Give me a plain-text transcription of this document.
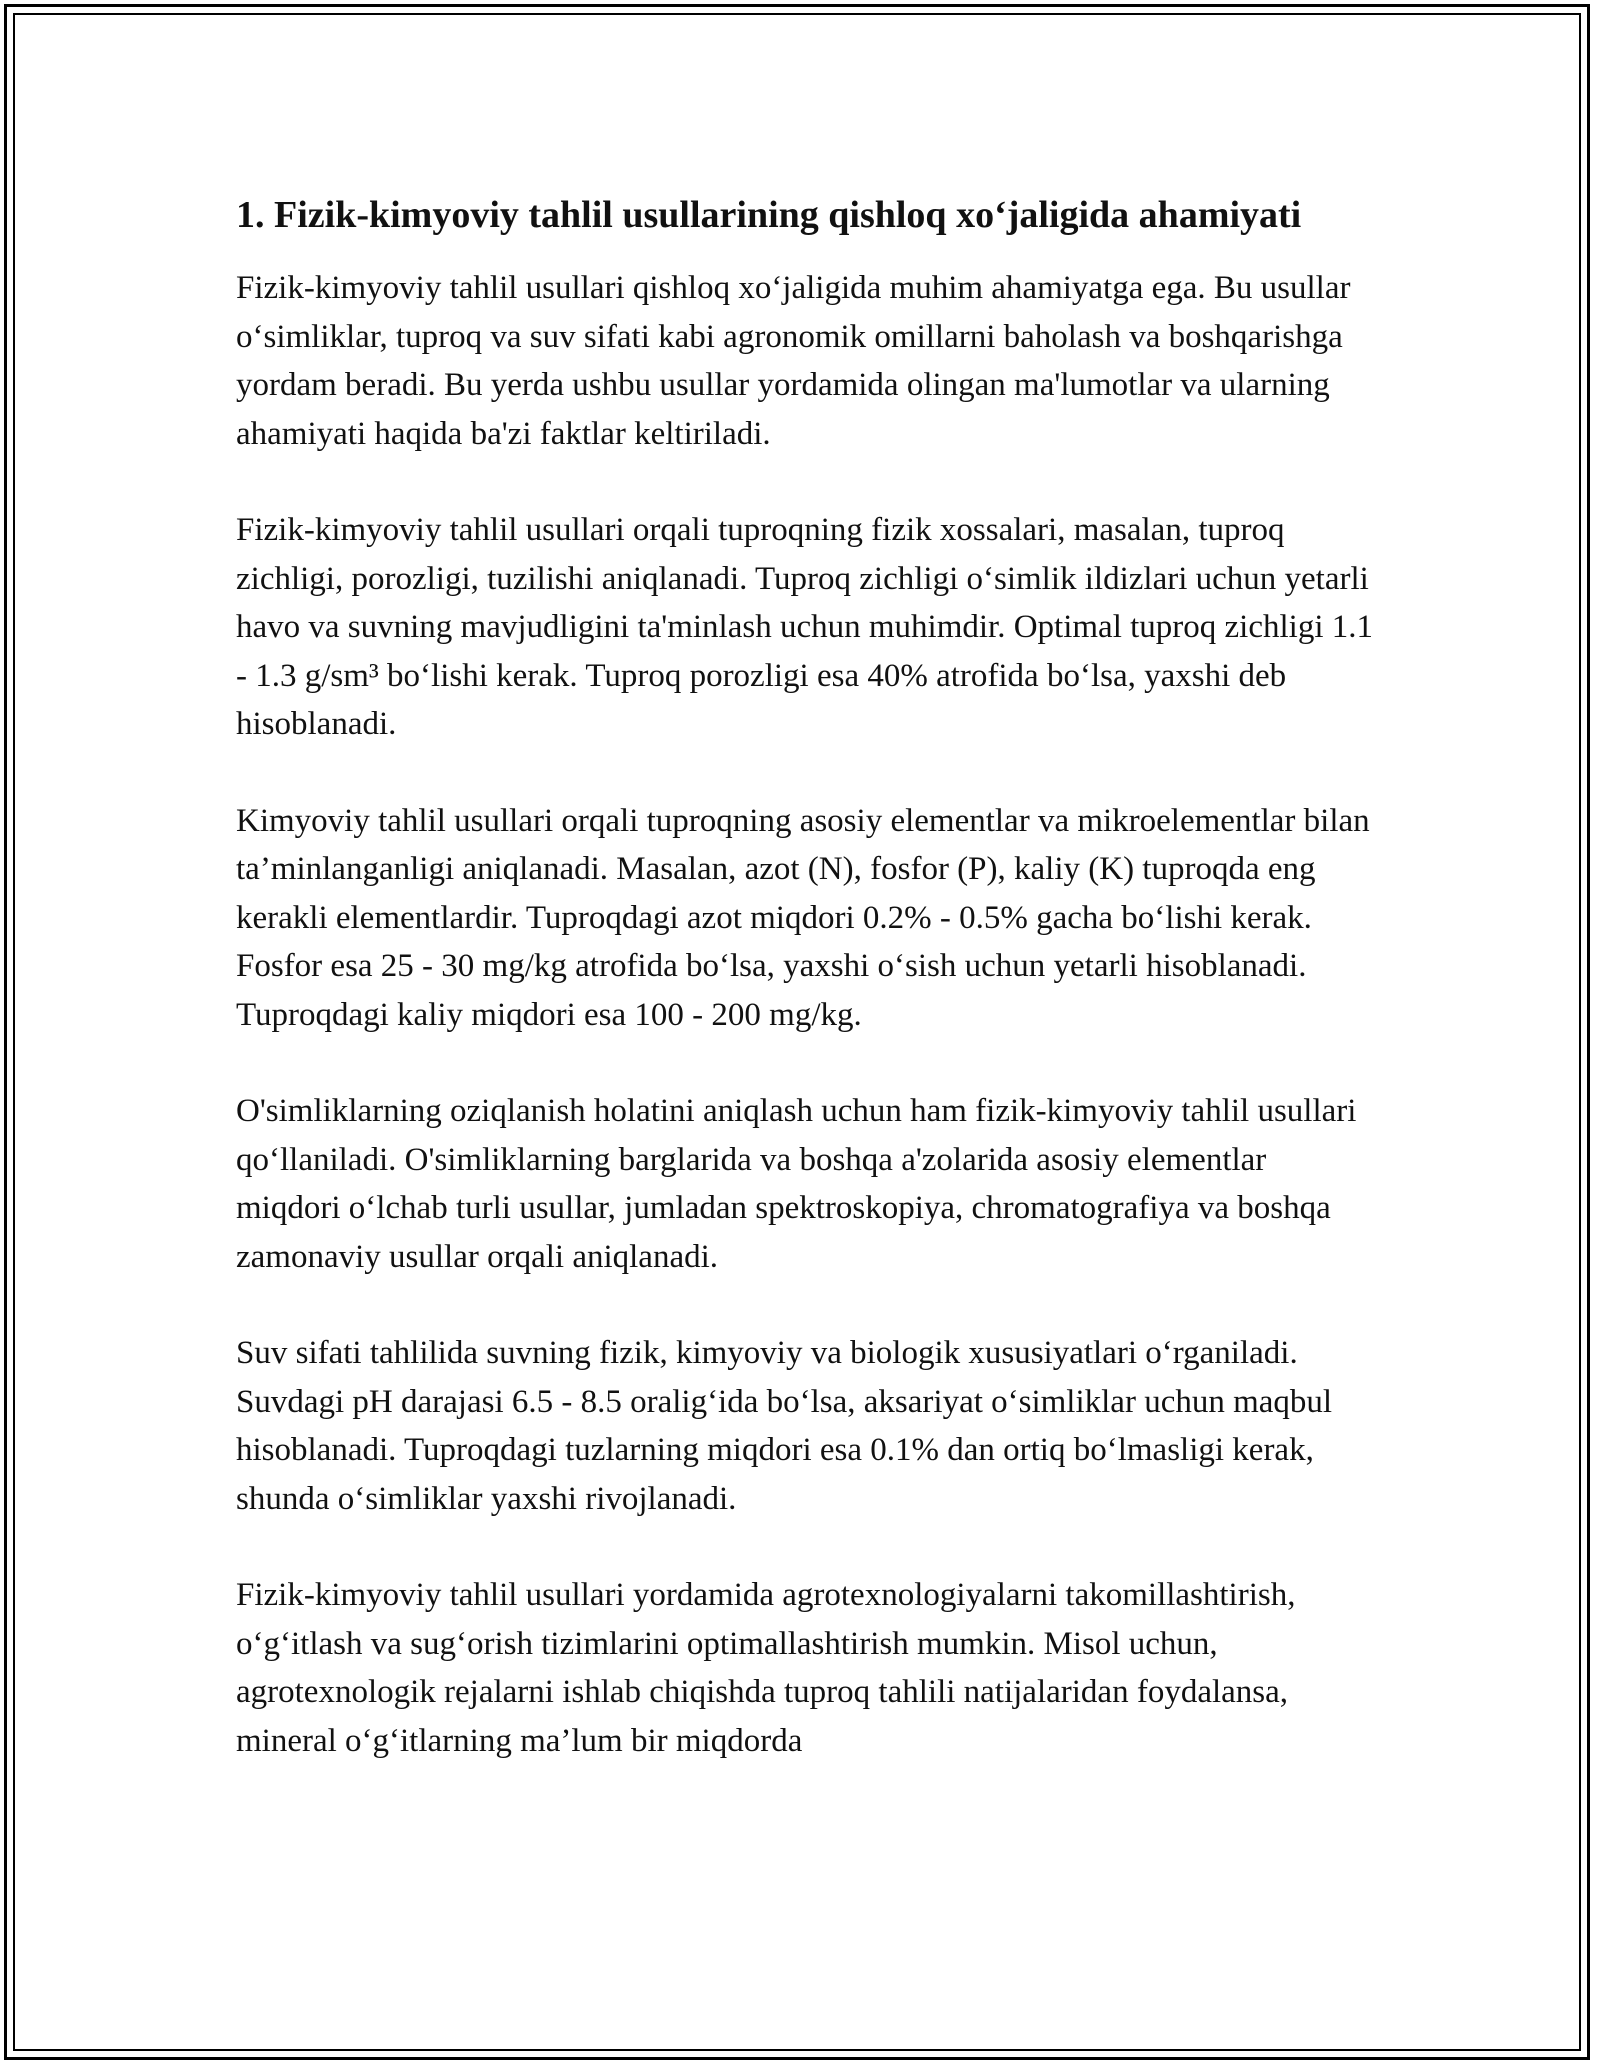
1. Fizik-kimyoviy tahlil usullarining qishloq xo‘jaligida ahamiyati

Fizik-kimyoviy tahlil usullari qishloq xo‘jaligida muhim ahamiyatga ega. Bu usullar o‘simliklar, tuproq va suv sifati kabi agronomik omillarni baholash va boshqarishga yordam beradi. Bu yerda ushbu usullar yordamida olingan ma'lumotlar va ularning ahamiyati haqida ba'zi faktlar keltiriladi.

Fizik-kimyoviy tahlil usullari orqali tuproqning fizik xossalari, masalan, tuproq zichligi, porozligi, tuzilishi aniqlanadi. Tuproq zichligi o‘simlik ildizlari uchun yetarli havo va suvning mavjudligini ta'minlash uchun muhimdir. Optimal tuproq zichligi 1.1 - 1.3 g/sm³ bo‘lishi kerak. Tuproq porozligi esa 40% atrofida bo‘lsa, yaxshi deb hisoblanadi.

Kimyoviy tahlil usullari orqali tuproqning asosiy elementlar va mikroelementlar bilan ta’minlanganligi aniqlanadi. Masalan, azot (N), fosfor (P), kaliy (K) tuproqda eng kerakli elementlardir. Tuproqdagi azot miqdori 0.2% - 0.5% gacha bo‘lishi kerak. Fosfor esa 25 - 30 mg/kg atrofida bo‘lsa, yaxshi o‘sish uchun yetarli hisoblanadi. Tuproqdagi kaliy miqdori esa 100 - 200 mg/kg.

O'simliklarning oziqlanish holatini aniqlash uchun ham fizik-kimyoviy tahlil usullari qo‘llaniladi. O'simliklarning barglarida va boshqa a'zolarida asosiy elementlar miqdori o‘lchab turli usullar, jumladan spektroskopiya, chromatografiya va boshqa zamonaviy usullar orqali aniqlanadi.

Suv sifati tahlilida suvning fizik, kimyoviy va biologik xususiyatlari o‘rganiladi. Suvdagi pH darajasi 6.5 - 8.5 oralig‘ida bo‘lsa, aksariyat o‘simliklar uchun maqbul hisoblanadi. Tuproqdagi tuzlarning miqdori esa 0.1% dan ortiq bo‘lmasligi kerak, shunda o‘simliklar yaxshi rivojlanadi.

Fizik-kimyoviy tahlil usullari yordamida agrotexnologiyalarni takomillashtirish, o‘g‘itlash va sug‘orish tizimlarini optimallashtirish mumkin. Misol uchun, agrotexnologik rejalarni ishlab chiqishda tuproq tahlili natijalaridan foydalansa, mineral o‘g‘itlarning ma’lum bir miqdorda
